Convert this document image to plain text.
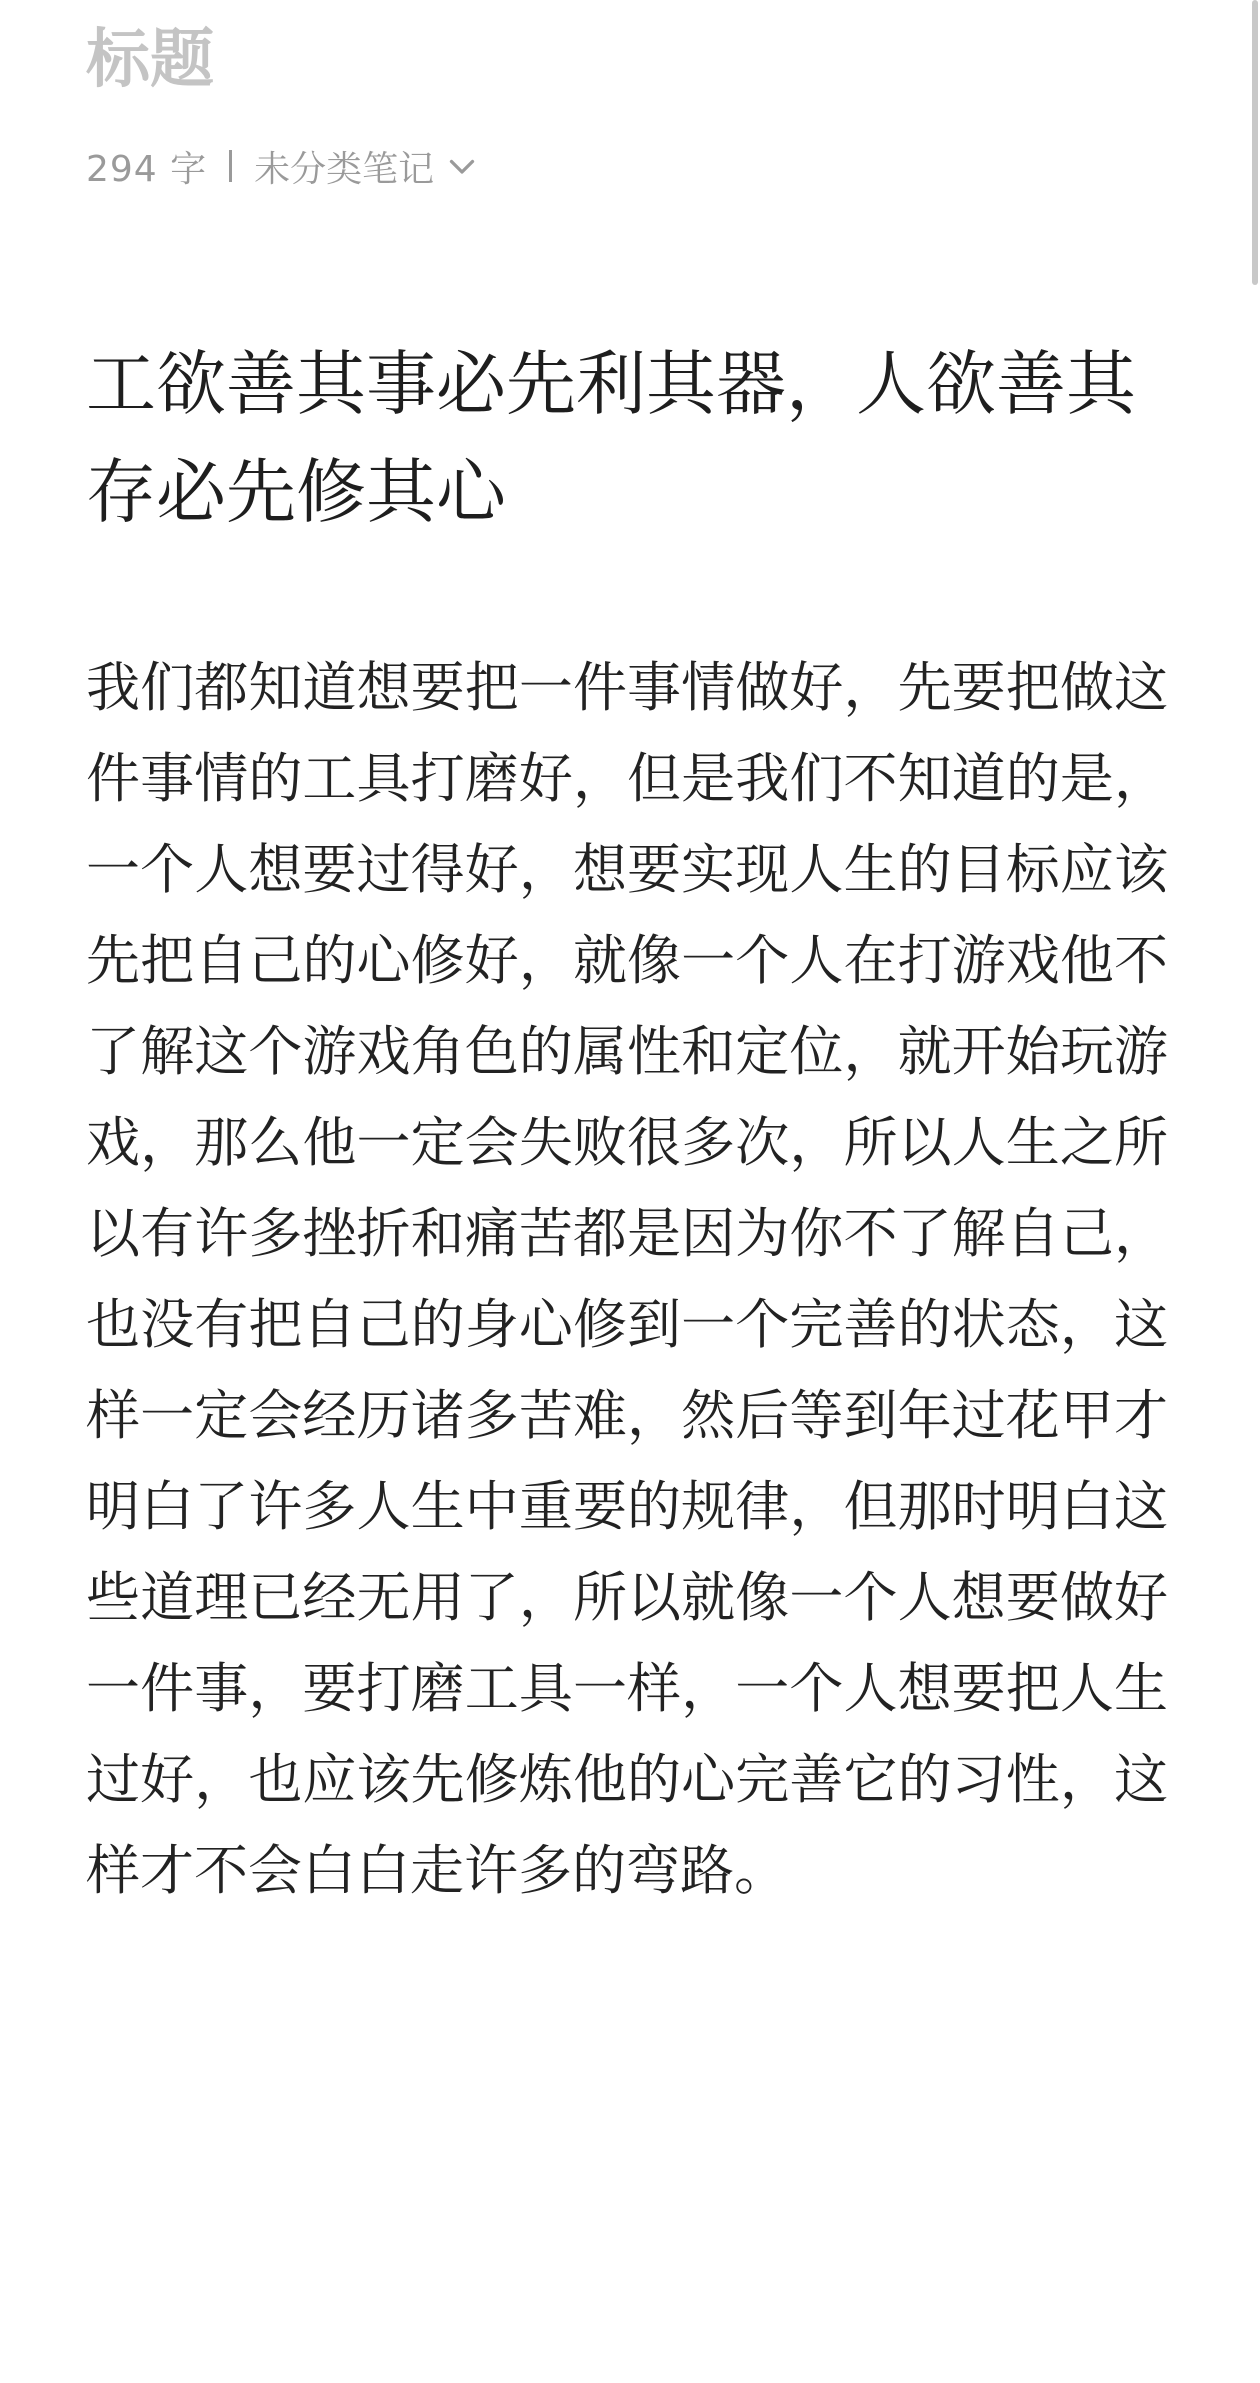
标题
294 字 未分类笔记
工欲善其事必先利其器，人欲善其存必先修其心

我们都知道想要把一件事情做好，先要把做这件事情的工具打磨好，但是我们不知道的是，一个人想要过得好，想要实现人生的目标应该先把自己的心修好，就像一个人在打游戏他不了解这个游戏角色的属性和定位，就开始玩游戏，那么他一定会失败很多次，所以人生之所以有许多挫折和痛苦都是因为你不了解自己，也没有把自己的身心修到一个完善的状态，这样一定会经历诸多苦难，然后等到年过花甲才明白了许多人生中重要的规律，但那时明白这些道理已经无用了，所以就像一个人想要做好一件事，要打磨工具一样，一个人想要把人生过好，也应该先修炼他的心完善它的习性，这样才不会白白走许多的弯路。
